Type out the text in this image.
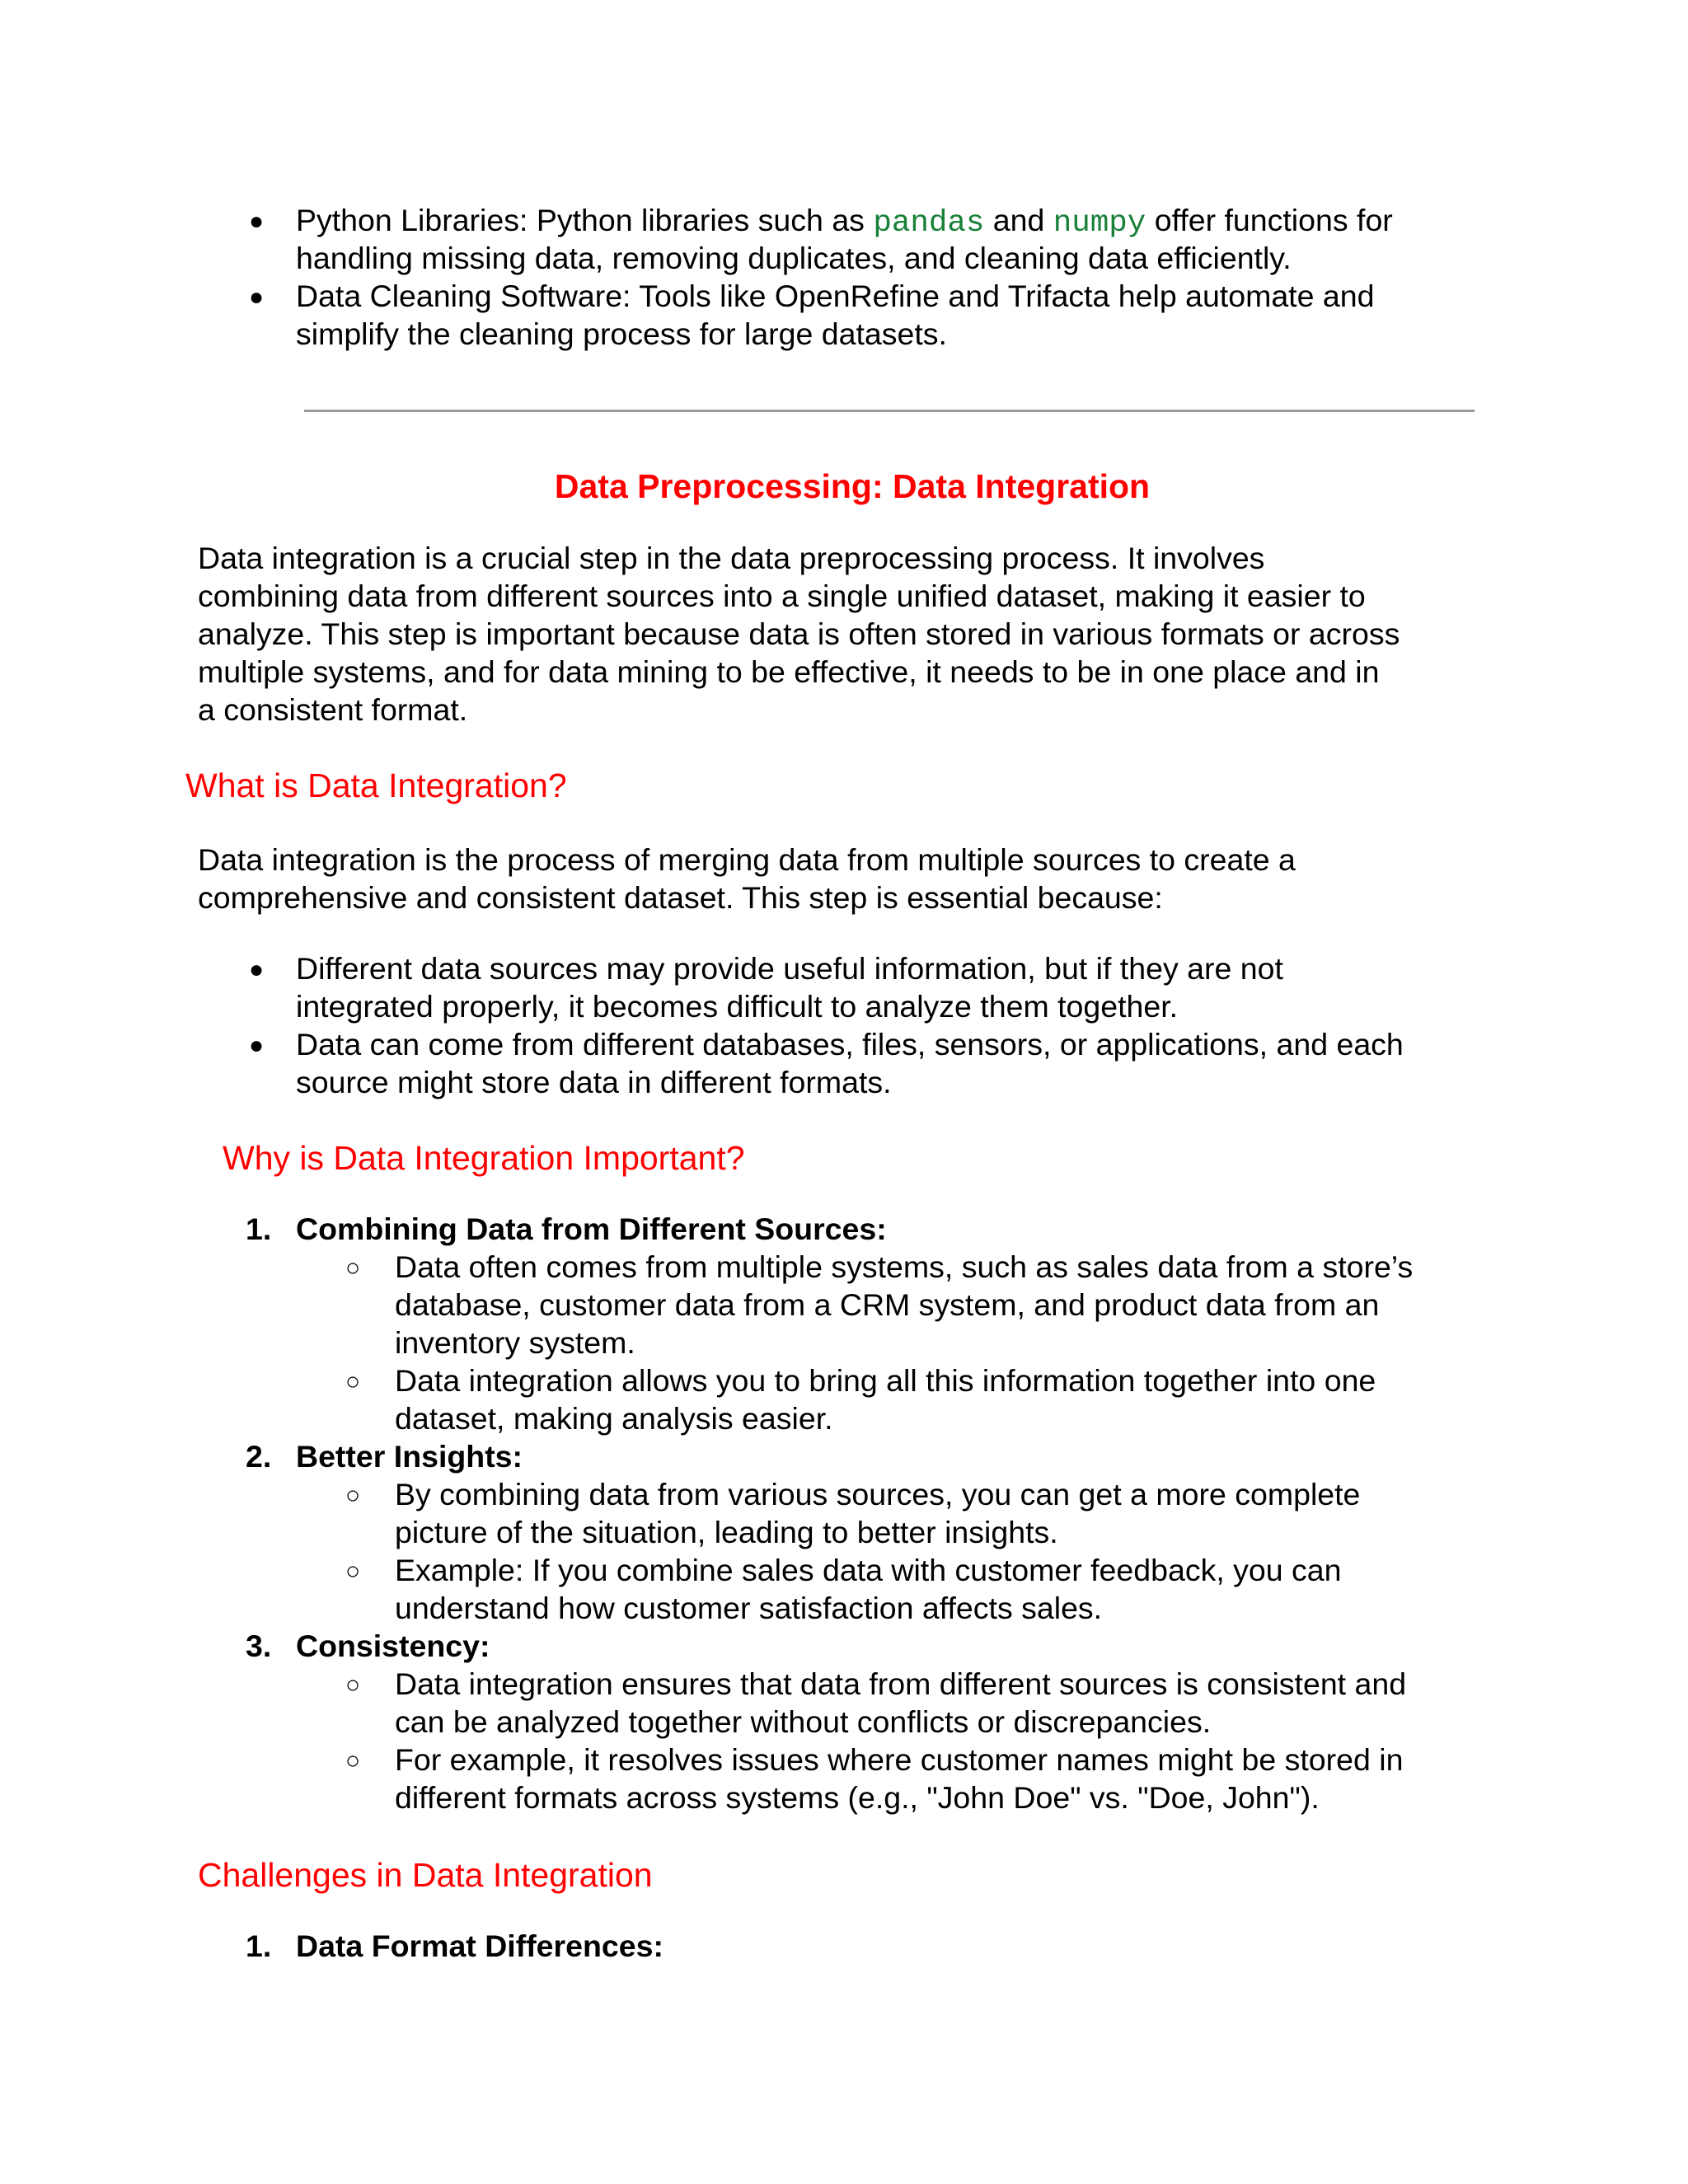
● Python Libraries: Python libraries such as pandas and numpy offer functions for
handling missing data, removing duplicates, and cleaning data efficiently.
● Data Cleaning Software: Tools like OpenRefine and Trifacta help automate and
simplify the cleaning process for large datasets.
Data Preprocessing: Data Integration
Data integration is a crucial step in the data preprocessing process. It involves
combining data from different sources into a single unified dataset, making it easier to
analyze. This step is important because data is often stored in various formats or across
multiple systems, and for data mining to be effective, it needs to be in one place and in
a consistent format.
What is Data Integration?
Data integration is the process of merging data from multiple sources to create a
comprehensive and consistent dataset. This step is essential because:
● Different data sources may provide useful information, but if they are not
integrated properly, it becomes difficult to analyze them together.
● Data can come from different databases, files, sensors, or applications, and each
source might store data in different formats.
Why is Data Integration Important?
1. Combining Data from Different Sources:
○ Data often comes from multiple systems, such as sales data from a store’s
database, customer data from a CRM system, and product data from an
inventory system.
○ Data integration allows you to bring all this information together into one
dataset, making analysis easier.
2. Better Insights:
○ By combining data from various sources, you can get a more complete
picture of the situation, leading to better insights.
○ Example: If you combine sales data with customer feedback, you can
understand how customer satisfaction affects sales.
3. Consistency:
○ Data integration ensures that data from different sources is consistent and
can be analyzed together without conflicts or discrepancies.
○ For example, it resolves issues where customer names might be stored in
different formats across systems (e.g., "John Doe" vs. "Doe, John").
Challenges in Data Integration
1. Data Format Differences:
